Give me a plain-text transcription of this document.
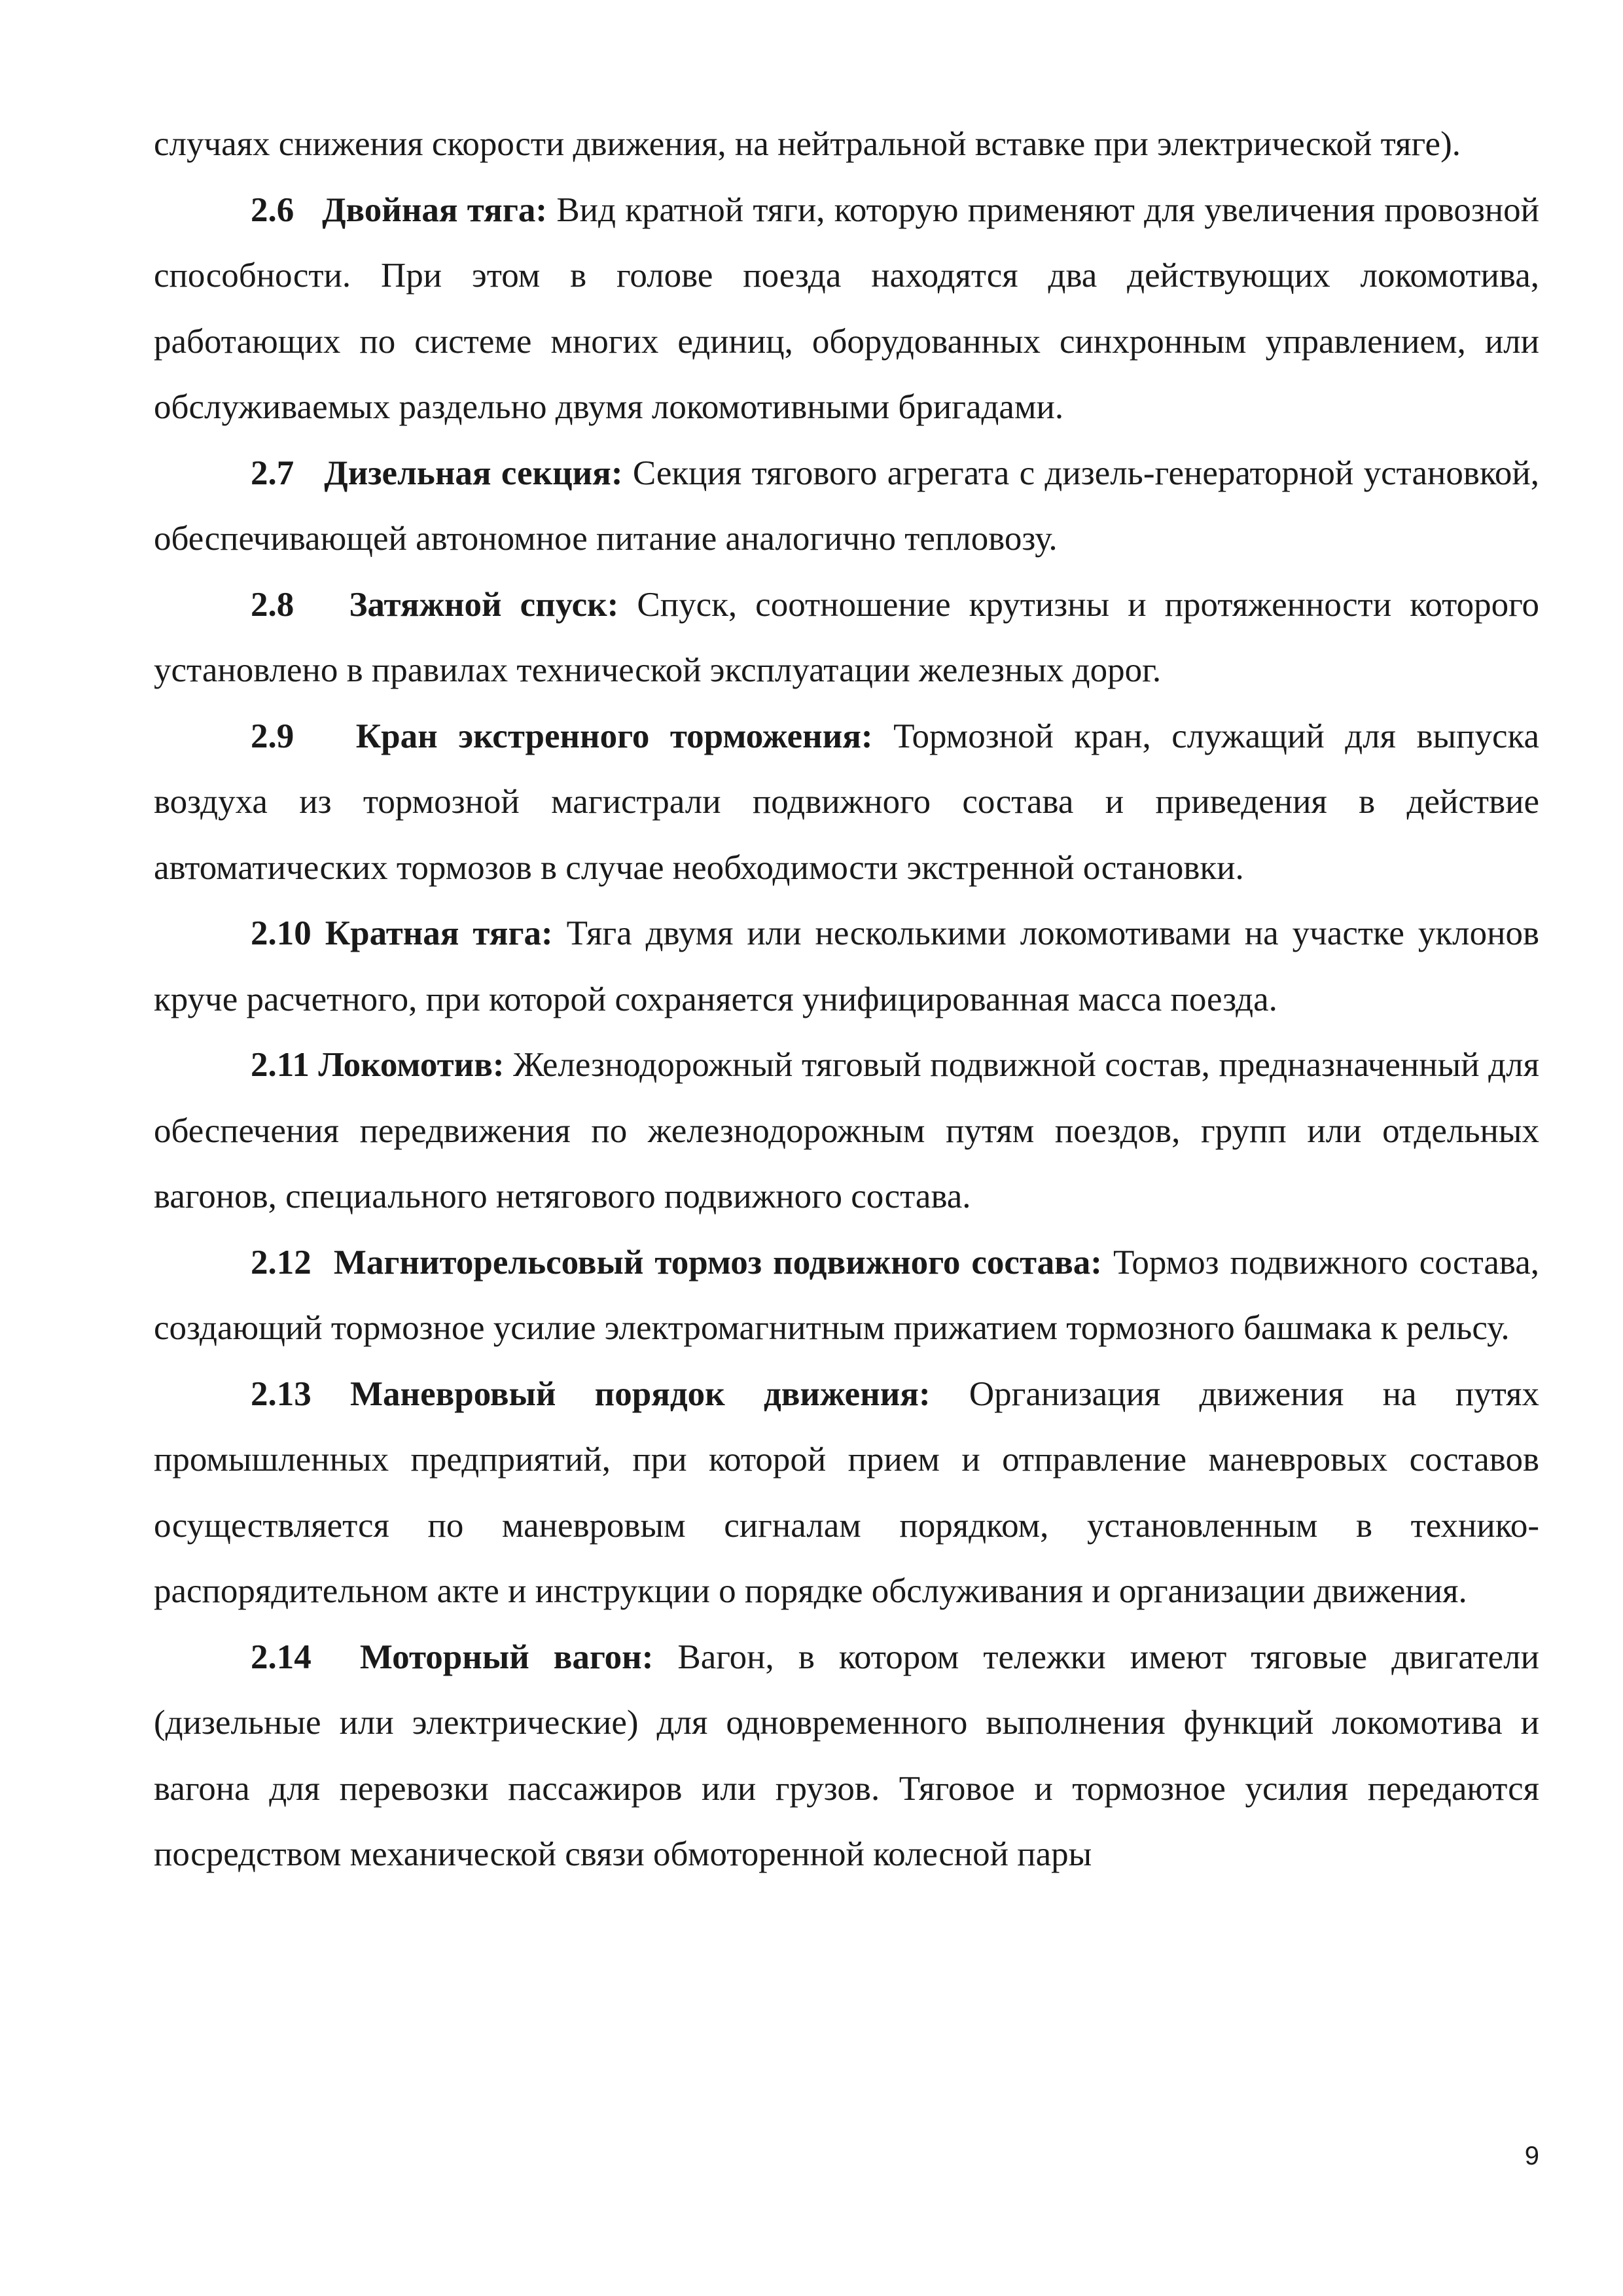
случаях снижения скорости движения, на нейтральной вставке при электрической тяге).

2.6 Двойная тяга: Вид кратной тяги, которую применяют для увеличения провозной способности. При этом в голове поезда находятся два действующих локомотива, работающих по системе многих единиц, оборудованных синхронным управлением, или обслуживаемых раздельно двумя локомотивными бригадами.

2.7 Дизельная секция: Секция тягового агрегата с дизель-генераторной установкой, обеспечивающей автономное питание аналогично тепловозу.

2.8 Затяжной спуск: Спуск, соотношение крутизны и протяженности которого установлено в правилах технической эксплуатации железных дорог.

2.9 Кран экстренного торможения: Тормозной кран, служащий для выпуска воздуха из тормозной магистрали подвижного состава и приведения в действие автоматических тормозов в случае необходимости экстренной остановки.

2.10 Кратная тяга: Тяга двумя или несколькими локомотивами на участке уклонов круче расчетного, при которой сохраняется унифицированная масса поезда.

2.11 Локомотив: Железнодорожный тяговый подвижной состав, предназначенный для обеспечения передвижения по железнодорожным путям поездов, групп или отдельных вагонов, специального нетягового подвижного состава.

2.12 Магниторельсовый тормоз подвижного состава: Тормоз подвижного состава, создающий тормозное усилие электромагнитным прижатием тормозного башмака к рельсу.

2.13 Маневровый порядок движения: Организация движения на путях промышленных предприятий, при которой прием и отправление маневровых составов осуществляется по маневровым сигналам порядком, установленным в технико-распорядительном акте и инструкции о порядке обслуживания и организации движения.

2.14 Моторный вагон: Вагон, в котором тележки имеют тяговые двигатели (дизельные или электрические) для одновременного выполнения функций локомотива и вагона для перевозки пассажиров или грузов. Тяговое и тормозное усилия передаются посредством механической связи обмоторенной колесной пары

9
